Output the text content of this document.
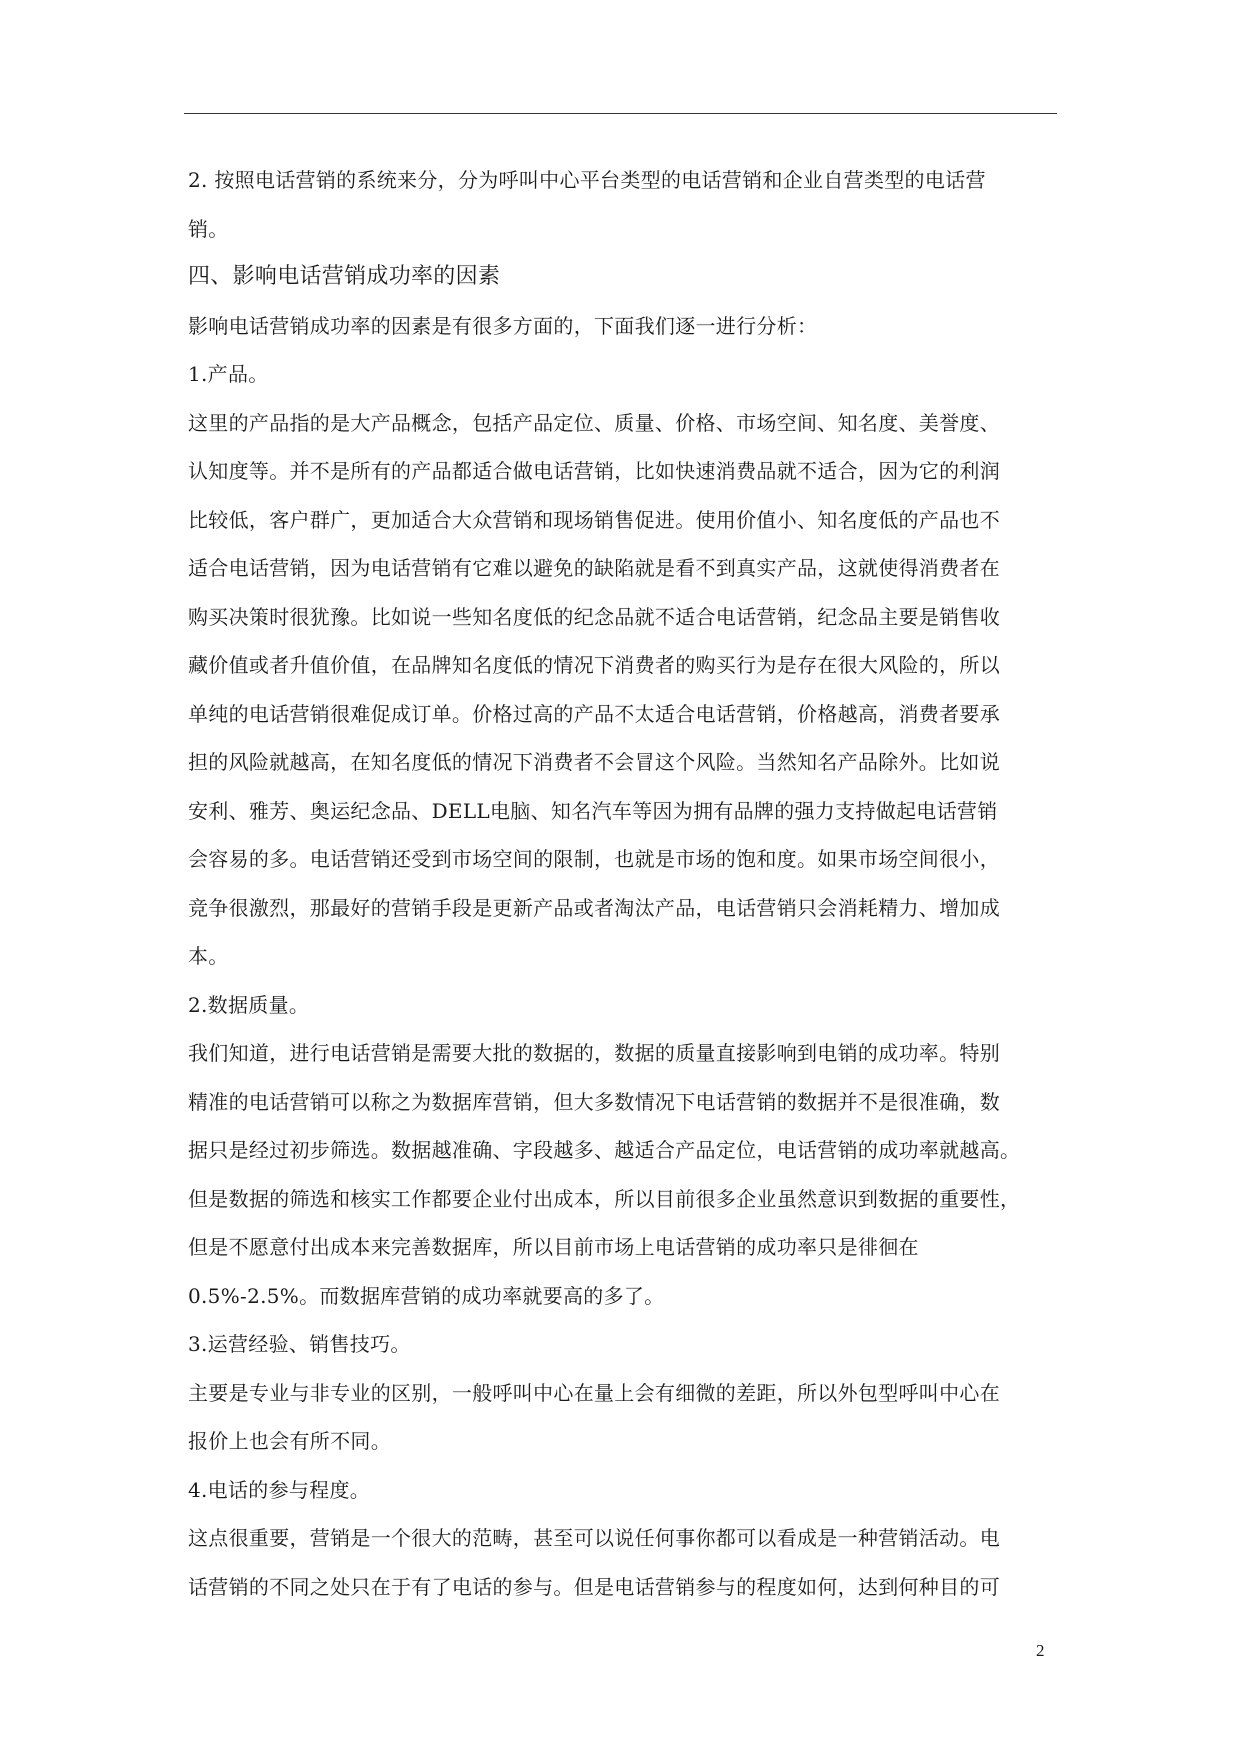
2. 按照电话营销的系统来分，分为呼叫中心平台类型的电话营销和企业自营类型的电话营
销。
四、影响电话营销成功率的因素
影响电话营销成功率的因素是有很多方面的，下面我们逐一进行分析：
1.产品。
这里的产品指的是大产品概念，包括产品定位、质量、价格、市场空间、知名度、美誉度、
认知度等。并不是所有的产品都适合做电话营销，比如快速消费品就不适合，因为它的利润
比较低，客户群广，更加适合大众营销和现场销售促进。使用价值小、知名度低的产品也不
适合电话营销，因为电话营销有它难以避免的缺陷就是看不到真实产品，这就使得消费者在
购买决策时很犹豫。比如说一些知名度低的纪念品就不适合电话营销，纪念品主要是销售收
藏价值或者升值价值，在品牌知名度低的情况下消费者的购买行为是存在很大风险的，所以
单纯的电话营销很难促成订单。价格过高的产品不太适合电话营销，价格越高，消费者要承
担的风险就越高，在知名度低的情况下消费者不会冒这个风险。当然知名产品除外。比如说
安利、雅芳、奥运纪念品、DELL电脑、知名汽车等因为拥有品牌的强力支持做起电话营销
会容易的多。电话营销还受到市场空间的限制，也就是市场的饱和度。如果市场空间很小，
竞争很激烈，那最好的营销手段是更新产品或者淘汰产品，电话营销只会消耗精力、增加成
本。
2.数据质量。
我们知道，进行电话营销是需要大批的数据的，数据的质量直接影响到电销的成功率。特别
精准的电话营销可以称之为数据库营销，但大多数情况下电话营销的数据并不是很准确，数
据只是经过初步筛选。数据越准确、字段越多、越适合产品定位，电话营销的成功率就越高。
但是数据的筛选和核实工作都要企业付出成本，所以目前很多企业虽然意识到数据的重要性，
但是不愿意付出成本来完善数据库，所以目前市场上电话营销的成功率只是徘徊在
0.5%-2.5%。而数据库营销的成功率就要高的多了。
3.运营经验、销售技巧。
主要是专业与非专业的区别，一般呼叫中心在量上会有细微的差距，所以外包型呼叫中心在
报价上也会有所不同。
4.电话的参与程度。
这点很重要，营销是一个很大的范畴，甚至可以说任何事你都可以看成是一种营销活动。电
话营销的不同之处只在于有了电话的参与。但是电话营销参与的程度如何，达到何种目的可
2
